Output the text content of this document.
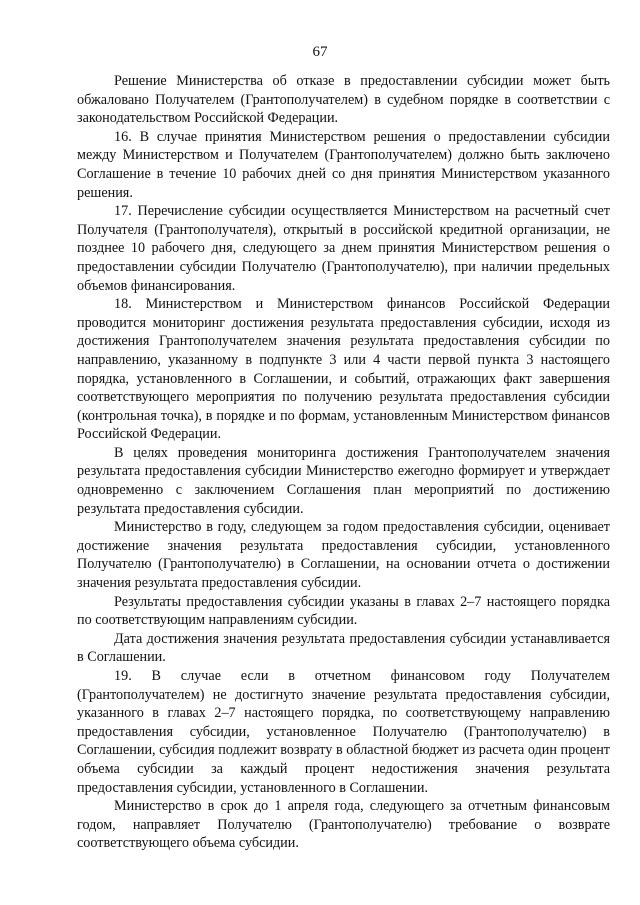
67

Решение Министерства об отказе в предоставлении субсидии может быть обжаловано Получателем (Грантополучателем) в судебном порядке в соответствии с законодательством Российской Федерации.

16. В случае принятия Министерством решения о предоставлении субсидии между Министерством и Получателем (Грантополучателем) должно быть заключено Соглашение в течение 10 рабочих дней со дня принятия Министерством указанного решения.

17. Перечисление субсидии осуществляется Министерством на расчетный счет Получателя (Грантополучателя), открытый в российской кредитной организации, не позднее 10 рабочего дня, следующего за днем принятия Министерством решения о предоставлении субсидии Получателю (Грантополучателю), при наличии предельных объемов финансирования.

18. Министерством и Министерством финансов Российской Федерации проводится мониторинг достижения результата предоставления субсидии, исходя из достижения Грантополучателем значения результата предоставления субсидии по направлению, указанному в подпункте 3 или 4 части первой пункта 3 настоящего порядка, установленного в Соглашении, и событий, отражающих факт завершения соответствующего мероприятия по получению результата предоставления субсидии (контрольная точка), в порядке и по формам, установленным Министерством финансов Российской Федерации.

В целях проведения мониторинга достижения Грантополучателем значения результата предоставления субсидии Министерство ежегодно формирует и утверждает одновременно с заключением Соглашения план мероприятий по достижению результата предоставления субсидии.

Министерство в году, следующем за годом предоставления субсидии, оценивает достижение значения результата предоставления субсидии, установленного Получателю (Грантополучателю) в Соглашении, на основании отчета о достижении значения результата предоставления субсидии.

Результаты предоставления субсидии указаны в главах 2–7 настоящего порядка по соответствующим направлениям субсидии.

Дата достижения значения результата предоставления субсидии устанавливается в Соглашении.

19. В случае если в отчетном финансовом году Получателем (Грантополучателем) не достигнуто значение результата предоставления субсидии, указанного в главах 2–7 настоящего порядка, по соответствующему направлению предоставления субсидии, установленное Получателю (Грантополучателю) в Соглашении, субсидия подлежит возврату в областной бюджет из расчета один процент объема субсидии за каждый процент недостижения значения результата предоставления субсидии, установленного в Соглашении.

Министерство в срок до 1 апреля года, следующего за отчетным финансовым годом, направляет Получателю (Грантополучателю) требование о возврате соответствующего объема субсидии.
